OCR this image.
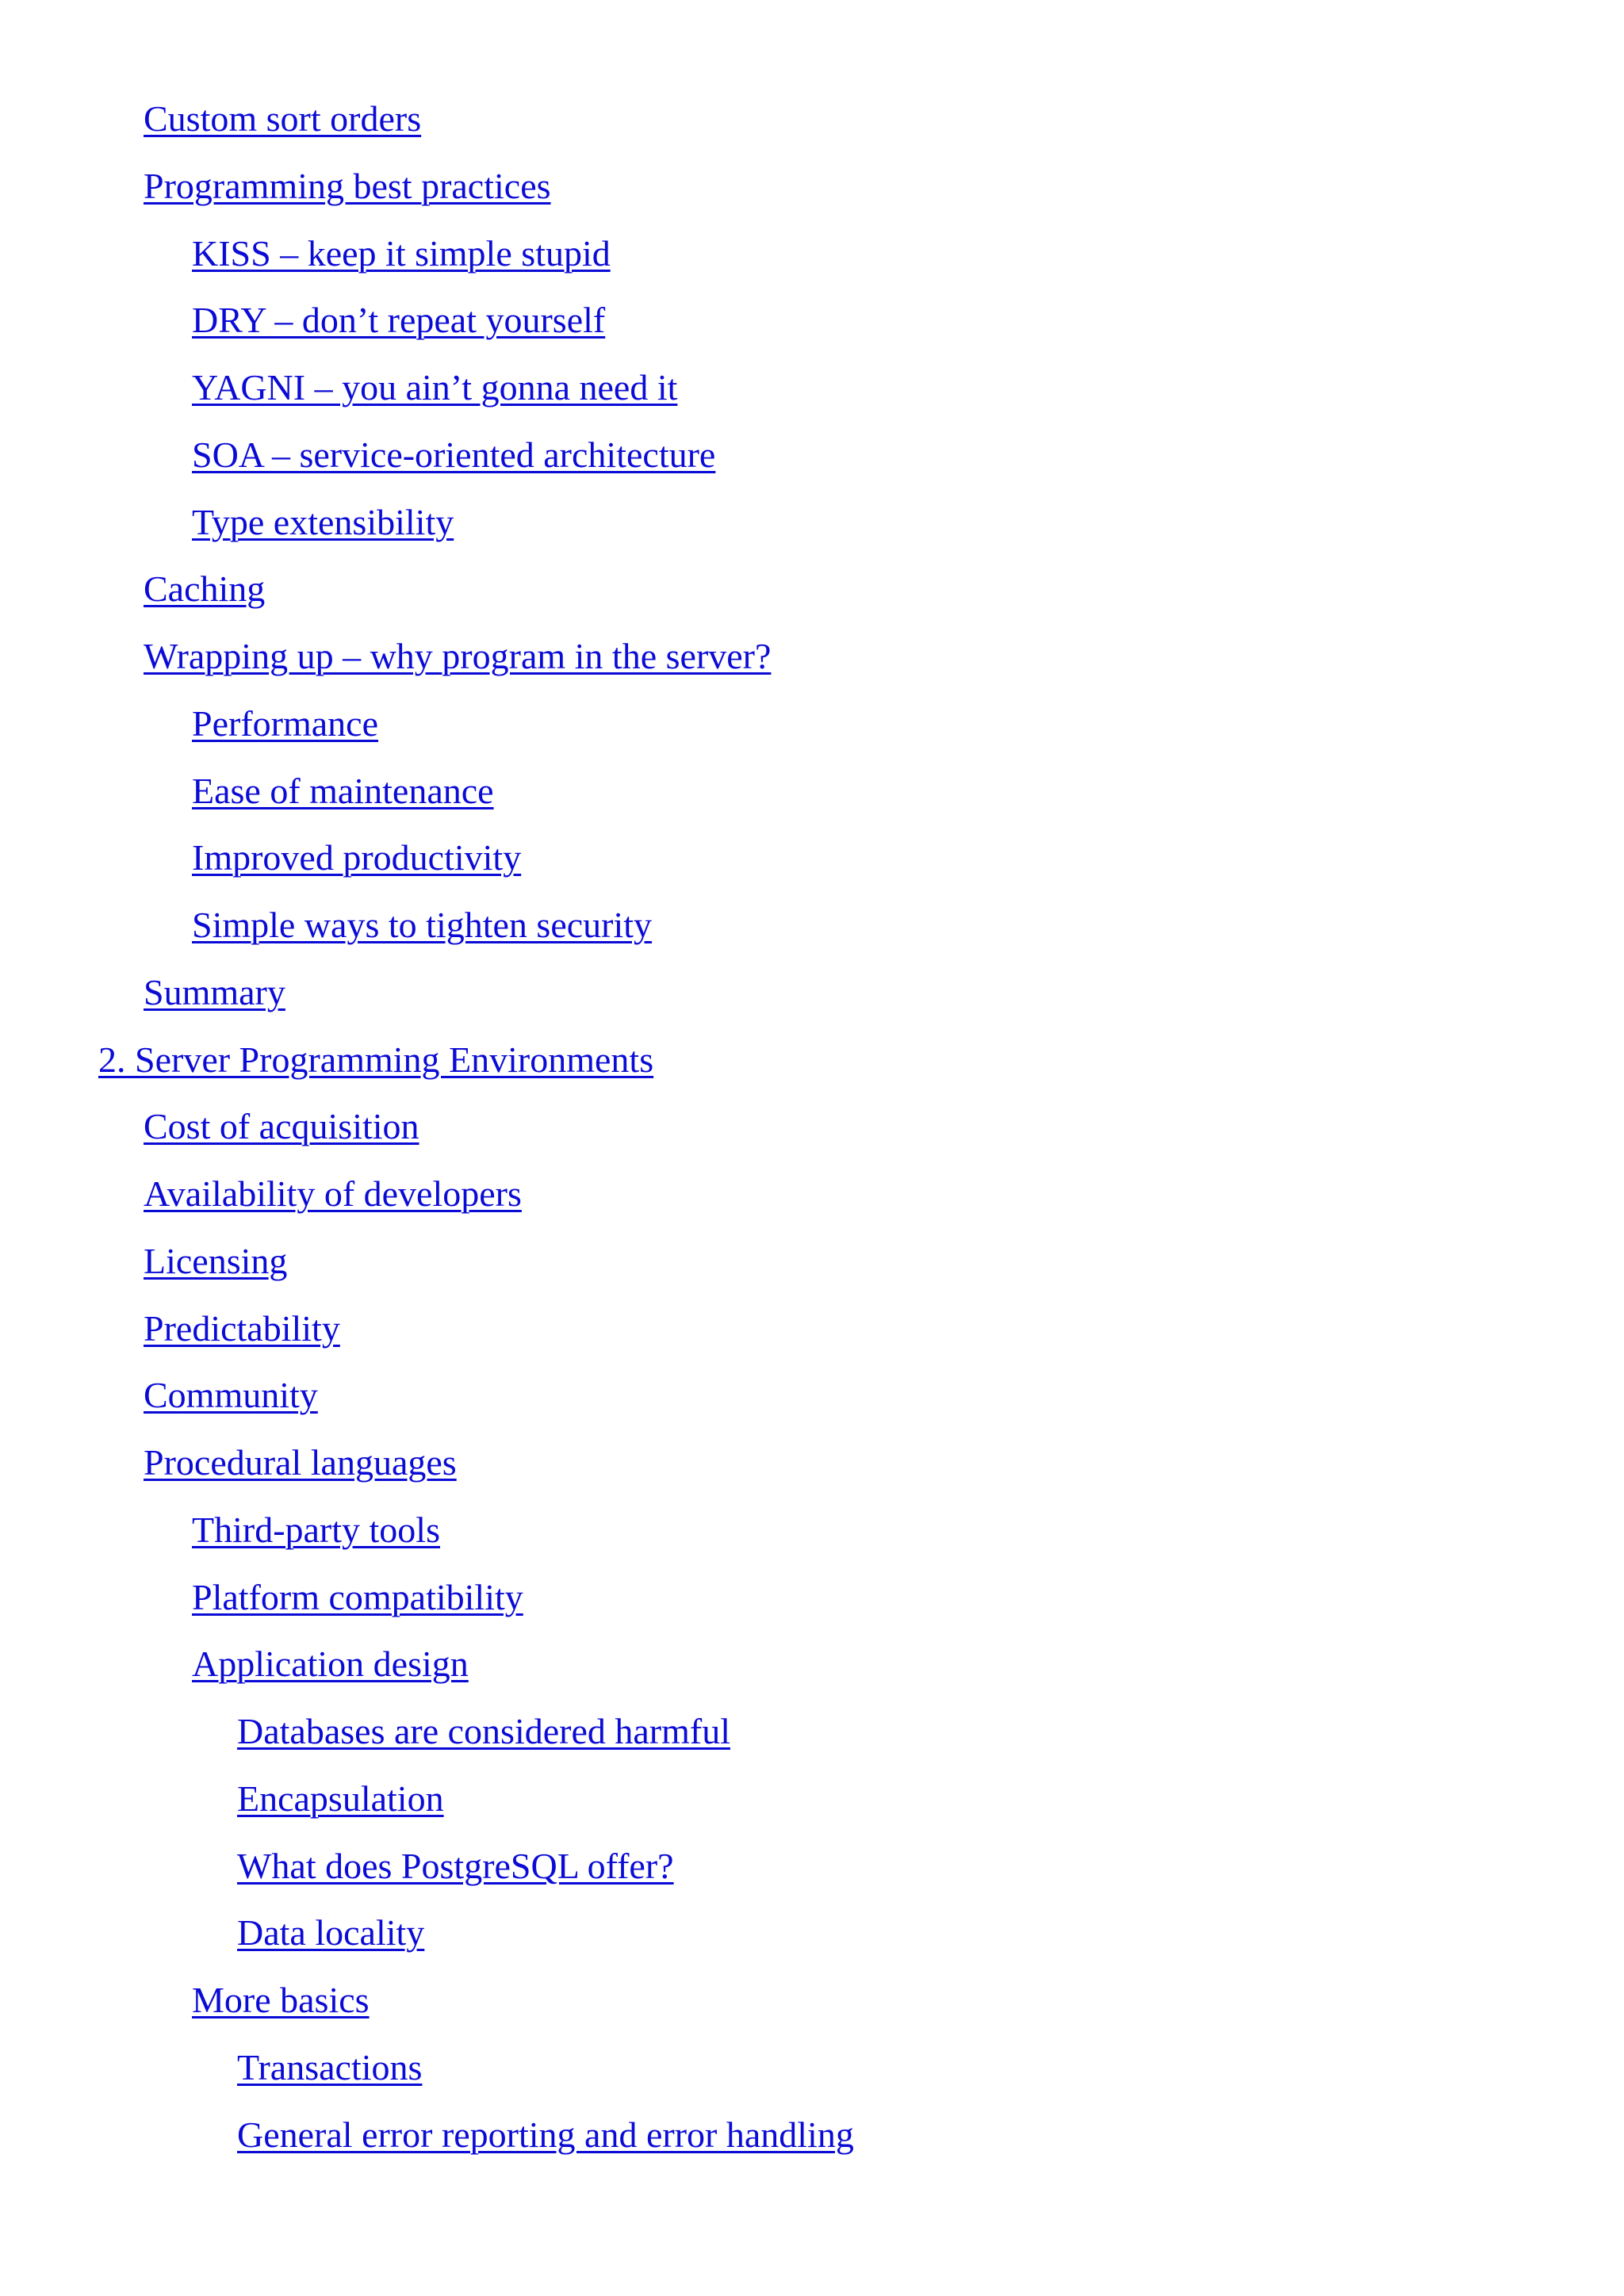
Custom sort orders
Programming best practices
KISS – keep it simple stupid
DRY – don’t repeat yourself
YAGNI – you ain’t gonna need it
SOA – service-oriented architecture
Type extensibility
Caching
Wrapping up – why program in the server?
Performance
Ease of maintenance
Improved productivity
Simple ways to tighten security
Summary
2. Server Programming Environments
Cost of acquisition
Availability of developers
Licensing
Predictability
Community
Procedural languages
Third-party tools
Platform compatibility
Application design
Databases are considered harmful
Encapsulation
What does PostgreSQL offer?
Data locality
More basics
Transactions
General error reporting and error handling
